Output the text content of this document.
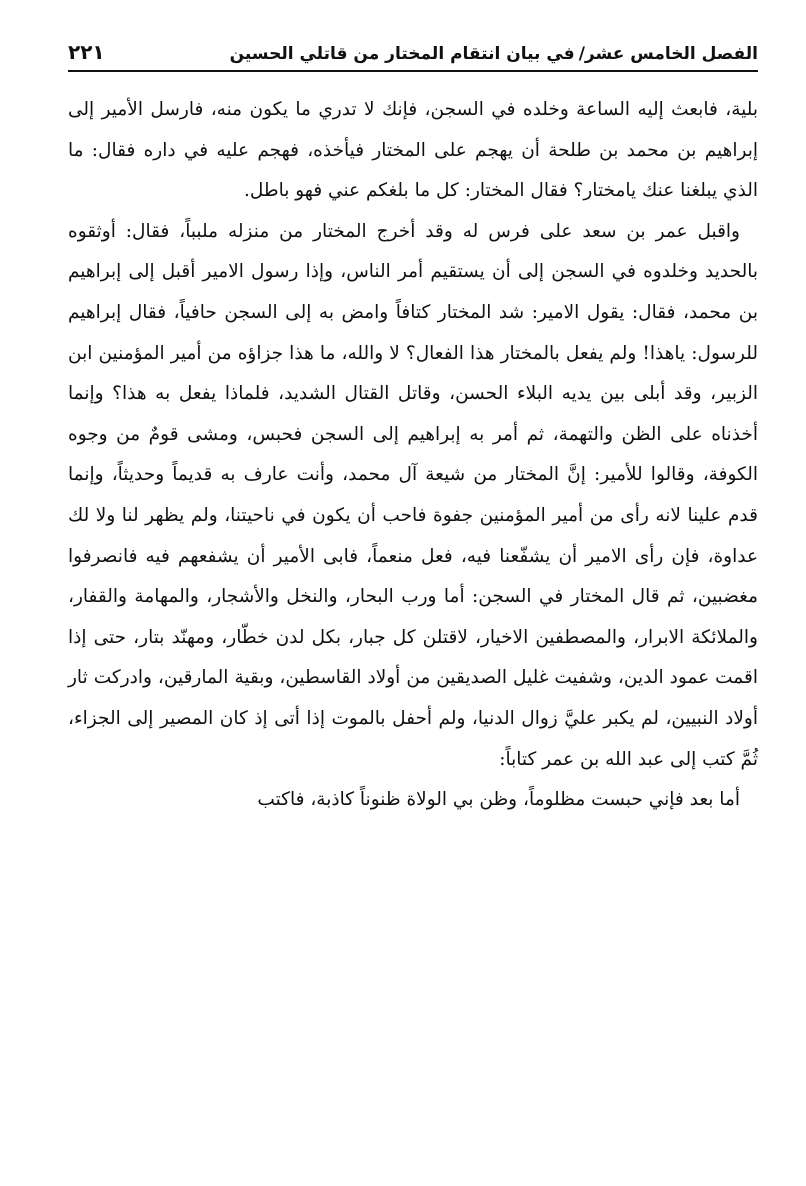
الفصل الخامس عشر/
في بيان انتقام المختار من قاتلي الحسين
٢٢١

بلية، فابعث إليه الساعة وخلده في السجن، فإنك لا تدري ما يكون منه، فارسل الأمير إلى إبراهيم بن محمد بن طلحة أن يهجم على المختار فيأخذه، فهجم عليه في داره فقال: ما الذي يبلغنا عنك يامختار؟ فقال المختار: كل ما بلغكم عني فهو باطل.

واقبل عمر بن سعد على فرس له وقد أخرج المختار من منزله ملبباً، فقال: أوثقوه بالحديد وخلدوه في السجن إلى أن يستقيم أمر الناس، وإذا رسول الامير أقبل إلى إبراهيم بن محمد، فقال: يقول الامير: شد المختار كتافاً وامض به إلى السجن حافياً، فقال إبراهيم للرسول: ياهذا! ولم يفعل بالمختار هذا الفعال؟ لا والله، ما هذا جزاؤه من أمير المؤمنين ابن الزبير، وقد أبلى بين يديه البلاء الحسن، وقاتل القتال الشديد، فلماذا يفعل به هذا؟ وإنما أخذناه على الظن والتهمة، ثم أمر به إبراهيم إلى السجن فحبس، ومشى قومٌ من وجوه الكوفة، وقالوا للأمير: إنَّ المختار من شيعة آل محمد، وأنت عارف به قديماً وحديثاً، وإنما قدم علينا لانه رأى من أمير المؤمنين جفوة فاحب أن يكون في ناحيتنا، ولم يظهر لنا ولا لك عداوة، فإن رأى الامير أن يشفّعنا فيه، فعل منعماً، فابى الأمير أن يشفعهم فيه فانصرفوا مغضبين، ثم قال المختار في السجن: أما ورب البحار، والنخل والأشجار، والمهامة والقفار، والملائكة الابرار، والمصطفين الاخيار، لاقتلن كل جبار، بكل لدن خطّار، ومهنّد بتار، حتى إذا اقمت عمود الدين، وشفيت غليل الصديقين من أولاد القاسطين، وبقية المارقين، وادركت ثار أولاد النبيين، لم يكبر عليَّ زوال الدنيا، ولم أحفل بالموت إذا أتى إذ كان المصير إلى الجزاء، ثُمَّ كتب إلى عبد الله بن عمر كتاباً:

أما بعد فإني حبست مظلوماً، وظن بي الولاة ظنوناً كاذبة، فاكتب
